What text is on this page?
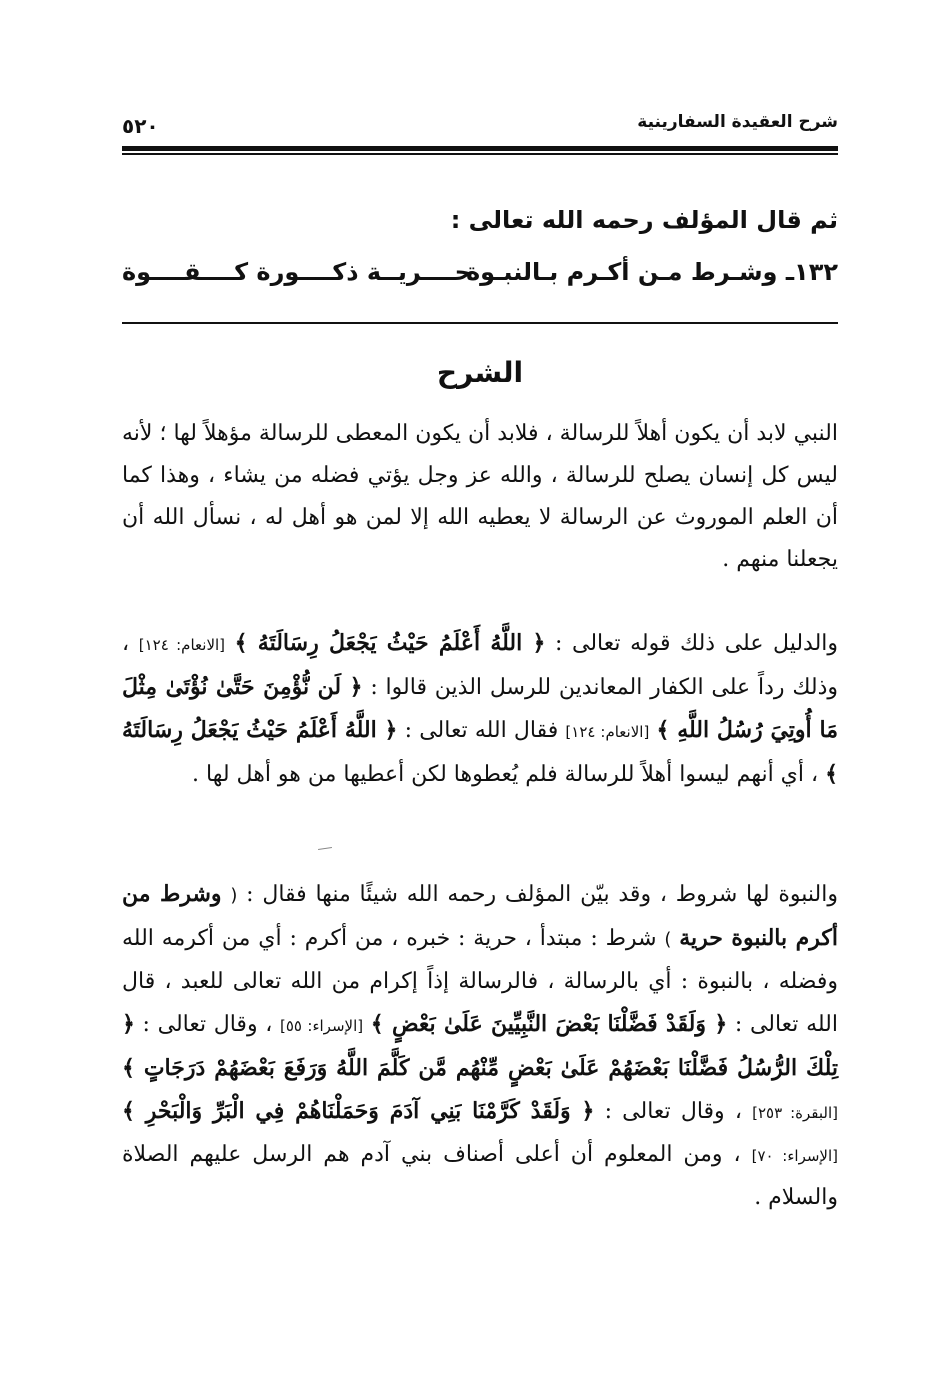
شرح العقيدة السفارينية
٥٢٠
ثم قال المؤلف رحمه الله تعالى :
١٣٢ـ وشـرط مـن أكـرم بـالنبـوة
حــــريــة ذكــــورة كــــقــــوة
الشرح

النبي لابد أن يكون أهلاً للرسالة ، فلابد أن يكون المعطى للرسالة مؤهلاً لها ؛ لأنه ليس كل إنسان يصلح للرسالة ، والله عز وجل يؤتي فضله من يشاء ، وهذا كما أن العلم الموروث عن الرسالة لا يعطيه الله إلا لمن هو أهل له ، نسأل الله أن يجعلنا منهم .

والدليل على ذلك قوله تعالى : ﴿ اللَّهُ أَعْلَمُ حَيْثُ يَجْعَلُ رِسَالَتَهُ ﴾ [الانعام: ١٢٤] ، وذلك رداً على الكفار المعاندين للرسل الذين قالوا : ﴿ لَن نُّؤْمِنَ حَتَّىٰ نُؤْتَىٰ مِثْلَ مَا أُوتِيَ رُسُلُ اللَّهِ ﴾ [الانعام: ١٢٤] فقال الله تعالى : ﴿ اللَّهُ أَعْلَمُ حَيْثُ يَجْعَلُ رِسَالَتَهُ ﴾ ، أي أنهم ليسوا أهلاً للرسالة فلم يُعطوها لكن أعطيها من هو أهل لها .

والنبوة لها شروط ، وقد بيّن المؤلف رحمه الله شيئًا منها فقال : ( وشرط من أكرم بالنبوة حرية ) شرط : مبتدأ ، حرية : خبره ، من أكرم : أي من أكرمه الله وفضله ، بالنبوة : أي بالرسالة ، فالرسالة إذاً إكرام من الله تعالى للعبد ، قال الله تعالى : ﴿ وَلَقَدْ فَضَّلْنَا بَعْضَ النَّبِيِّينَ عَلَىٰ بَعْضٍ ﴾ [الإسراء: ٥٥] ، وقال تعالى : ﴿ تِلْكَ الرُّسُلُ فَضَّلْنَا بَعْضَهُمْ عَلَىٰ بَعْضٍ مِّنْهُم مَّن كَلَّمَ اللَّهُ وَرَفَعَ بَعْضَهُمْ دَرَجَاتٍ ﴾ [البقرة: ٢٥٣] ، وقال تعالى : ﴿ وَلَقَدْ كَرَّمْنَا بَنِي آدَمَ وَحَمَلْنَاهُمْ فِي الْبَرِّ وَالْبَحْرِ ﴾ [الإسراء: ٧٠] ، ومن المعلوم أن أعلى أصناف بني آدم هم الرسل عليهم الصلاة والسلام .
